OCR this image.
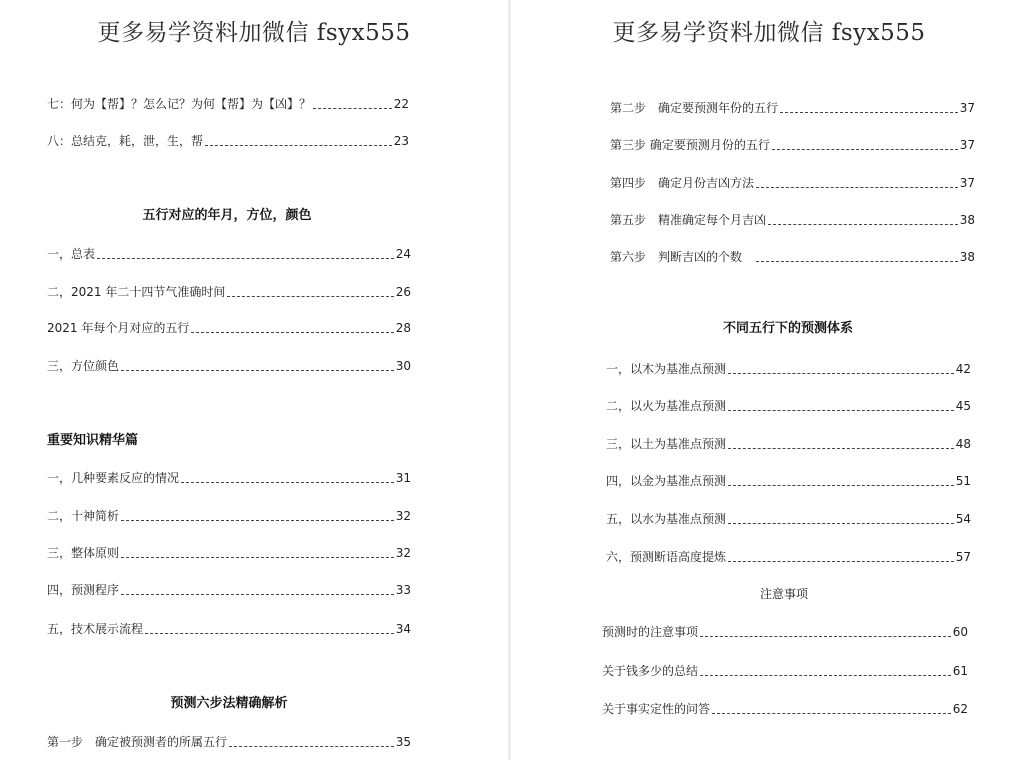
更多易学资料加微信 fsyx555
七：何为【帮】？怎么记？为何【帮】为【凶】？	22
八：总结克，耗，泄，生，帮	23
五行对应的年月，方位，颜色
一，总表	24
二，2021 年二十四节气准确时间	26
2021 年每个月对应的五行	28
三，方位颜色	30
重要知识精华篇
一，几种要素反应的情况	31
二，十神简析	32
三，整体原则	32
四，预测程序	33
五，技术展示流程	34
预测六步法精确解析
第一步　确定被预测者的所属五行	35
更多易学资料加微信 fsyx555
第二步　确定要预测年份的五行	37
第三步 确定要预测月份的五行	37
第四步　确定月份吉凶方法	37
第五步　精准确定每个月吉凶	38
第六步　判断吉凶的个数　	38
不同五行下的预测体系
一，以木为基准点预测	42
二，以火为基准点预测	45
三，以土为基准点预测	48
四，以金为基准点预测	51
五，以水为基准点预测	54
六，预测断语高度提炼	57
注意事项
预测时的注意事项	60
关于钱多少的总结	61
关于事实定性的问答	62
